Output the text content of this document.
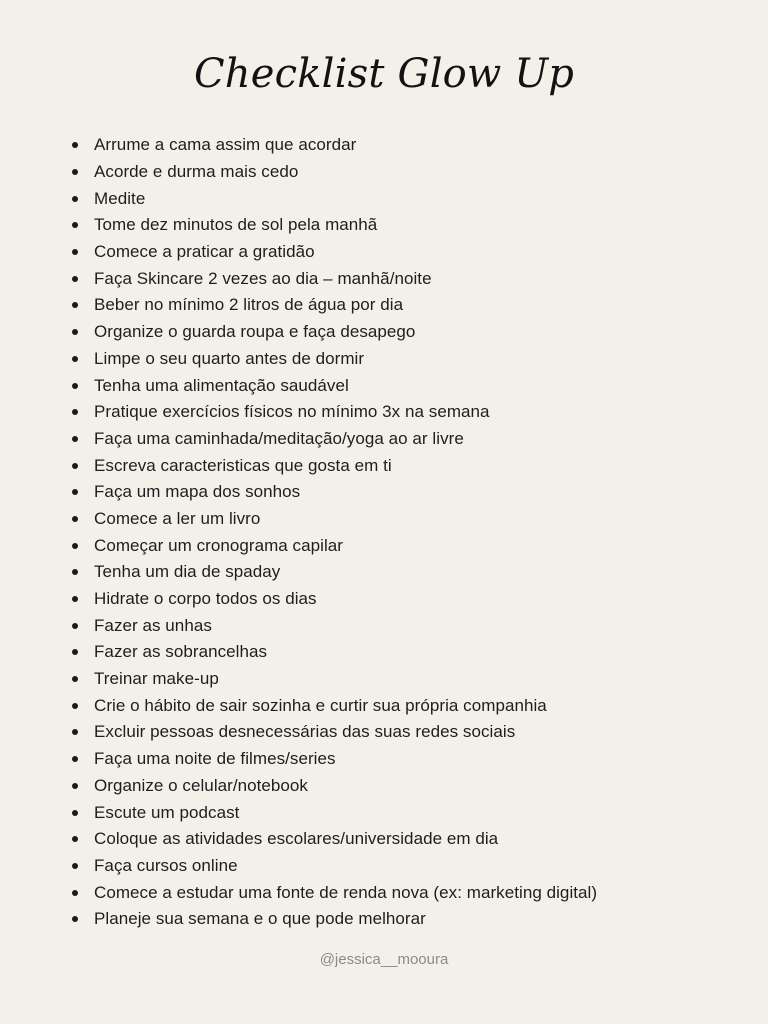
Checklist Glow Up
Arrume a cama assim que acordar
Acorde e durma mais cedo
Medite
Tome dez minutos de sol pela manhã
Comece a praticar a gratidão
Faça Skincare 2 vezes ao dia – manhã/noite
Beber no mínimo 2 litros de água por dia
Organize o guarda roupa e faça desapego
Limpe o seu quarto antes de dormir
Tenha uma alimentação saudável
Pratique exercícios físicos no mínimo 3x na semana
Faça uma caminhada/meditação/yoga ao ar livre
Escreva caracteristicas que gosta em ti
Faça um mapa dos sonhos
Comece a ler um livro
Começar um cronograma capilar
Tenha um dia de spaday
Hidrate o corpo todos os dias
Fazer as unhas
Fazer as sobrancelhas
Treinar make-up
Crie o hábito de sair sozinha e curtir sua própria companhia
Excluir pessoas desnecessárias das suas redes sociais
Faça uma noite de filmes/series
Organize o celular/notebook
Escute um podcast
Coloque as atividades escolares/universidade em dia
Faça cursos online
Comece a estudar uma fonte de renda nova (ex: marketing digital)
Planeje sua semana e o que pode melhorar
@jessica__mooura
